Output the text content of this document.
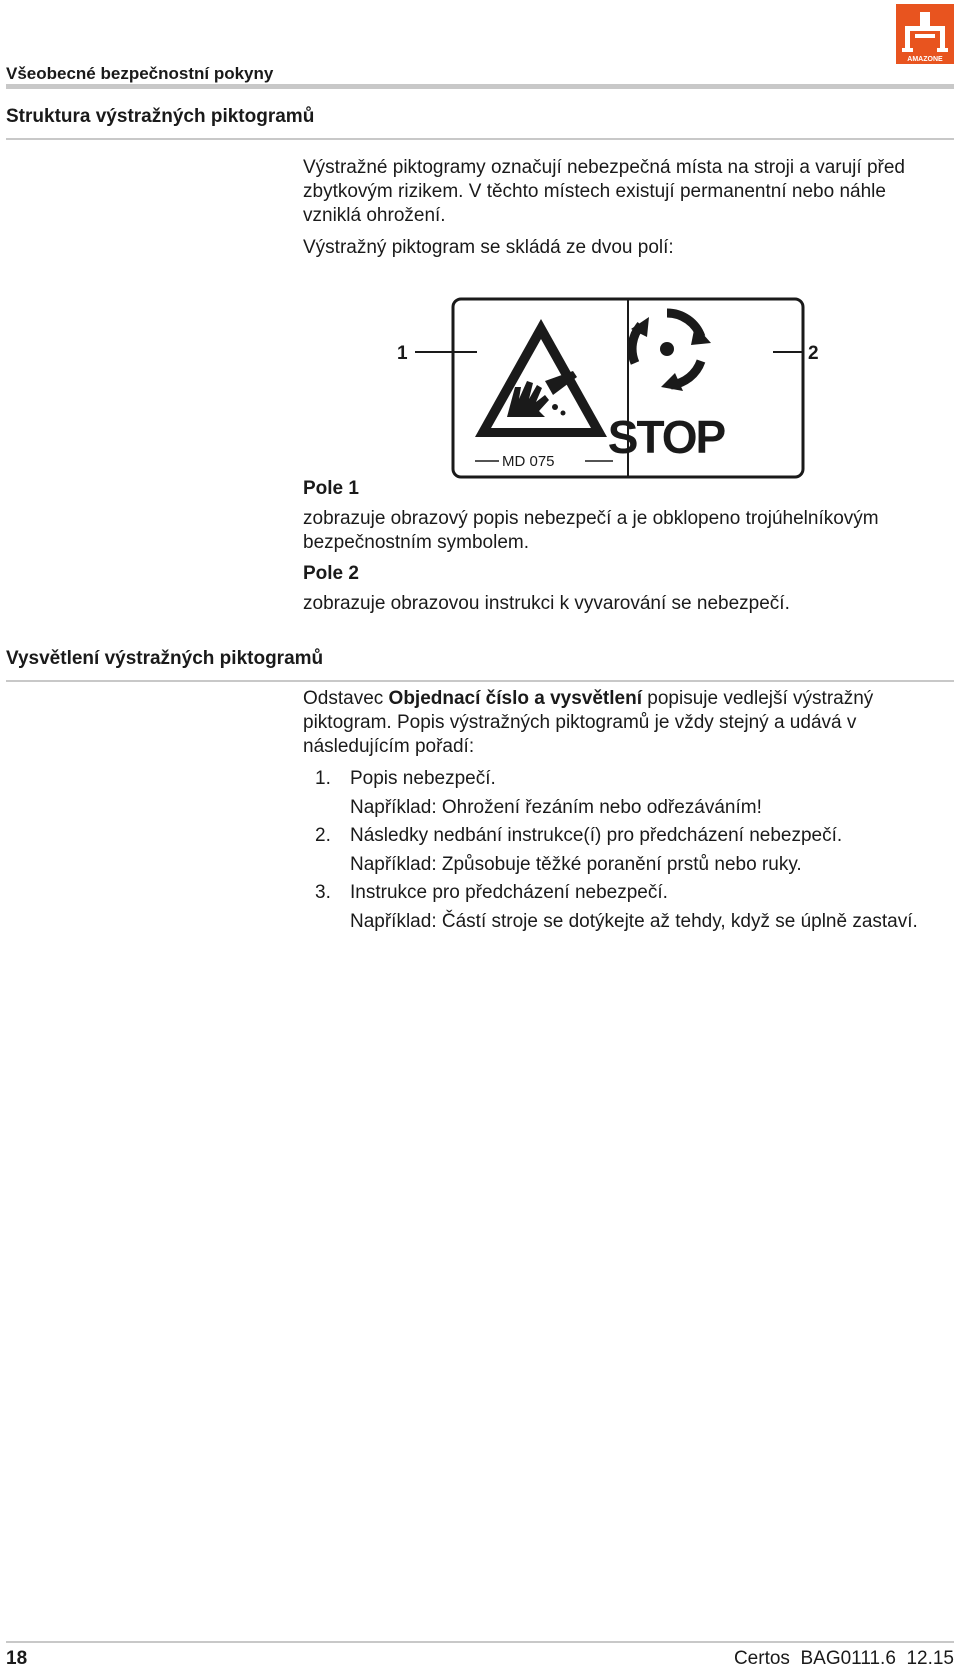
AMAZONE
Všeobecné bezpečnostní pokyny
Struktura výstražných piktogramů

Výstražné piktogramy označují nebezpečná místa na stroji a varují před zbytkovým rizikem. V těchto místech existují permanentní nebo náhle vzniklá ohrožení.

Výstražný piktogram se skládá ze dvou polí:

1	2
MD 075 STOP
Pole 1

zobrazuje obrazový popis nebezpečí a je obklopeno trojúhelníkovým bezpečnostním symbolem.

Pole 2

zobrazuje obrazovou instrukci k vyvarování se nebezpečí.

Vysvětlení výstražných piktogramů

Odstavec Objednací číslo a vysvětlení popisuje vedlejší výstražný piktogram. Popis výstražných piktogramů je vždy stejný a udává v následujícím pořadí:

1. Popis nebezpečí.

Například: Ohrožení řezáním nebo odřezáváním!

2. Následky nedbání instrukce(í) pro předcházení nebezpečí.

Například: Způsobuje těžké poranění prstů nebo ruky.

3. Instrukce pro předcházení nebezpečí.

Například: Částí stroje se dotýkejte až tehdy, když se úplně zastaví.

18	Certos  BAG0111.6  12.15
